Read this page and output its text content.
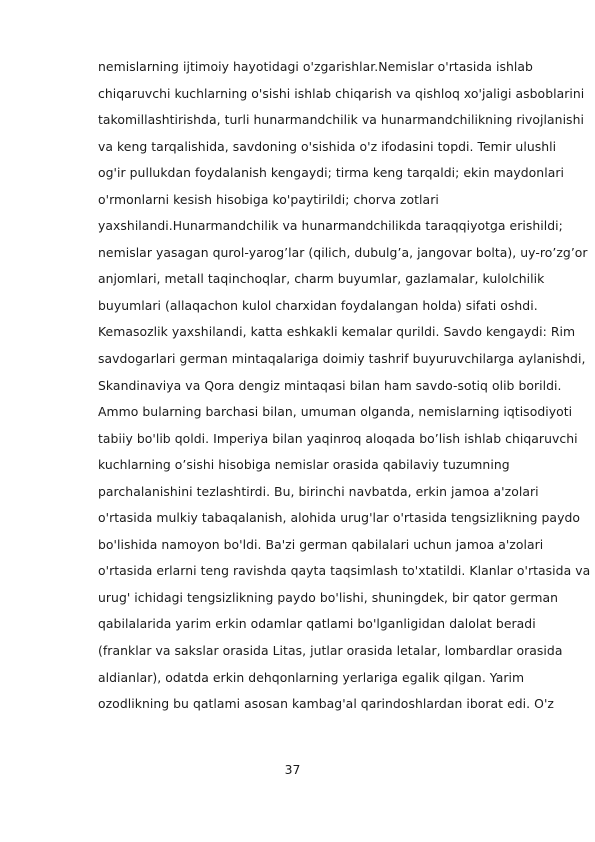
nemislarning ijtimoiy hayotidagi o'zgarishlar.Nemislar o'rtasida ishlab
chiqaruvchi kuchlarning o'sishi ishlab chiqarish va qishloq xo'jaligi asboblarini
takomillashtirishda, turli hunarmandchilik va hunarmandchilikning rivojlanishi
va keng tarqalishida, savdoning o'sishida o'z ifodasini topdi. Temir ulushli
og'ir pullukdan foydalanish kengaydi; tirma keng tarqaldi; ekin maydonlari
o'rmonlarni kesish hisobiga ko'paytirildi; chorva zotlari
yaxshilandi.Hunarmandchilik va hunarmandchilikda taraqqiyotga erishildi;
nemislar yasagan qurol-yarog’lar (qilich, dubulg’a, jangovar bolta), uy-ro’zg’or
anjomlari, metall taqinchoqlar, charm buyumlar, gazlamalar, kulolchilik
buyumlari (allaqachon kulol charxidan foydalangan holda) sifati oshdi.
Kemasozlik yaxshilandi, katta eshkakli kemalar qurildi. Savdo kengaydi: Rim
savdogarlari german mintaqalariga doimiy tashrif buyuruvchilarga aylanishdi,
Skandinaviya va Qora dengiz mintaqasi bilan ham savdo-sotiq olib borildi.
Ammo bularning barchasi bilan, umuman olganda, nemislarning iqtisodiyoti
tabiiy bo'lib qoldi. Imperiya bilan yaqinroq aloqada bo’lish ishlab chiqaruvchi
kuchlarning o’sishi hisobiga nemislar orasida qabilaviy tuzumning
parchalanishini tezlashtirdi. Bu, birinchi navbatda, erkin jamoa a'zolari
o'rtasida mulkiy tabaqalanish, alohida urug'lar o'rtasida tengsizlikning paydo
bo'lishida namoyon bo'ldi. Ba'zi german qabilalari uchun jamoa a'zolari
o'rtasida erlarni teng ravishda qayta taqsimlash to'xtatildi. Klanlar o'rtasida va
urug' ichidagi tengsizlikning paydo bo'lishi, shuningdek, bir qator german
qabilalarida yarim erkin odamlar qatlami bo'lganligidan dalolat beradi
(franklar va sakslar orasida Litas, jutlar orasida letalar, lombardlar orasida
aldianlar), odatda erkin dehqonlarning yerlariga egalik qilgan. Yarim
ozodlikning bu qatlami asosan kambag'al qarindoshlardan iborat edi. O'z
37
